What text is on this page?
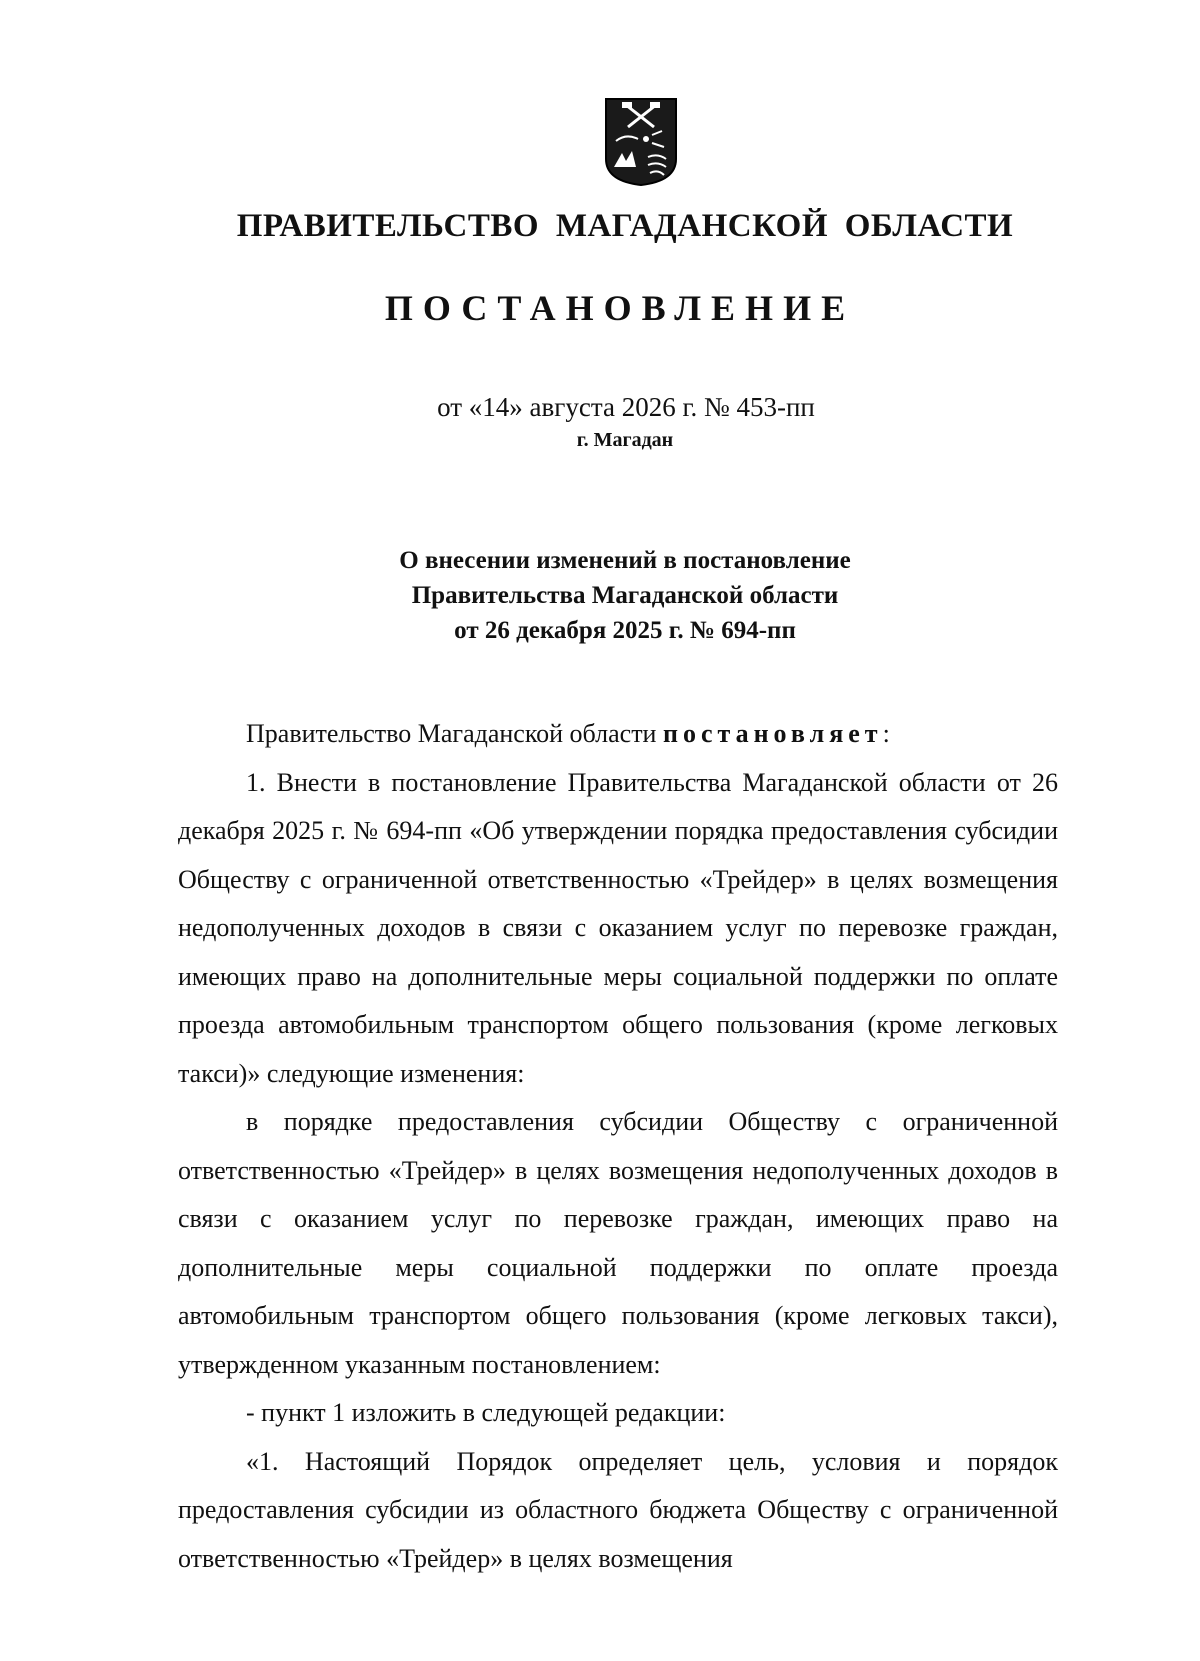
ПРАВИТЕЛЬСТВО МАГАДАНСКОЙ ОБЛАСТИ
ПОСТАНОВЛЕНИЕ
от «14» августа 2026 г. № 453-пп
г. Магадан
О внесении изменений в постановление
Правительства Магаданской области
от 26 декабря 2025 г. № 694-пп

Правительство Магаданской области постановляет:

1. Внести в постановление Правительства Магаданской области от 26 декабря 2025 г. № 694-пп «Об утверждении порядка предоставления субсидии Обществу с ограниченной ответственностью «Трейдер» в целях возмещения недополученных доходов в связи с оказанием услуг по перевозке граждан, имеющих право на дополнительные меры социальной поддержки по оплате проезда автомобильным транспортом общего пользования (кроме легковых такси)» следующие изменения:

в порядке предоставления субсидии Обществу с ограниченной ответственностью «Трейдер» в целях возмещения недополученных доходов в связи с оказанием услуг по перевозке граждан, имеющих право на дополнительные меры социальной поддержки по оплате проезда автомобильным транспортом общего пользования (кроме легковых такси), утвержденном указанным постановлением:

- пункт 1 изложить в следующей редакции:

«1. Настоящий Порядок определяет цель, условия и порядок предоставления субсидии из областного бюджета Обществу с ограниченной ответственностью «Трейдер» в целях возмещения
